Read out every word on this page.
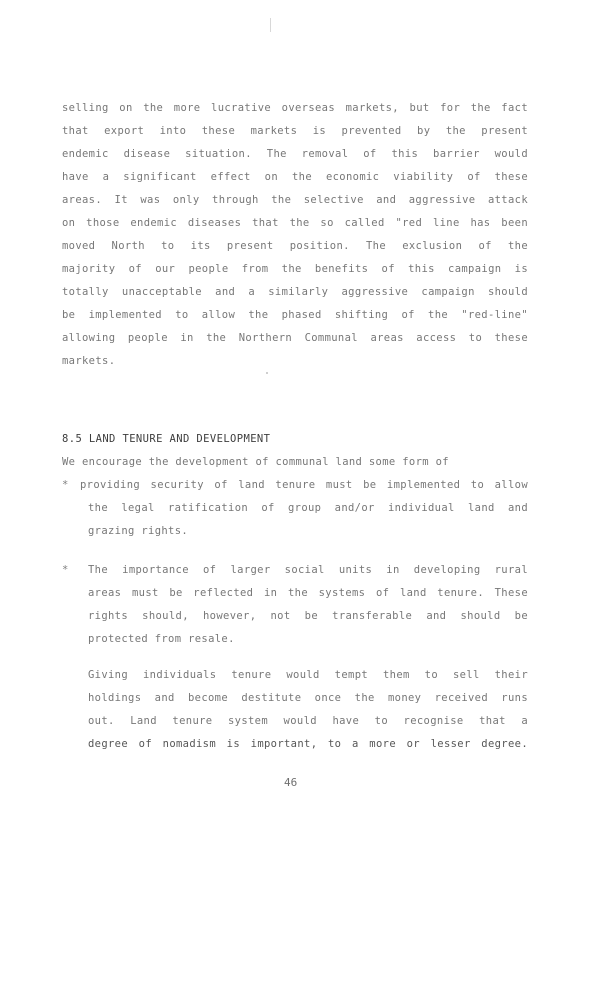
selling on the more lucrative overseas markets, but for the fact
that export into these markets is prevented by the present
endemic disease situation. The removal of this barrier would
have a significant effect on the economic viability of these
areas. It was only through the selective and aggressive attack
on those endemic diseases that the so called "red line has been
moved North to its present position. The exclusion of the
majority of our people from the benefits of this campaign is
totally unacceptable and a similarly aggressive campaign should
be implemented to allow the phased shifting of the "red-line"
allowing people in the Northern Communal areas access to these
markets.
8.5 LAND TENURE AND DEVELOPMENT
We encourage the development of communal land some form of
* providing security of land tenure must be implemented to allow
the legal ratification of group and/or individual land and
grazing rights.
* The importance of larger social units in developing rural
areas must be reflected in the systems of land tenure. These
rights should, however, not be transferable and should be
protected from resale.
Giving individuals tenure would tempt them to sell their
holdings and become destitute once the money received runs
out. Land tenure system would have to recognise that a
degree of nomadism is important, to a more or lesser degree.
46
